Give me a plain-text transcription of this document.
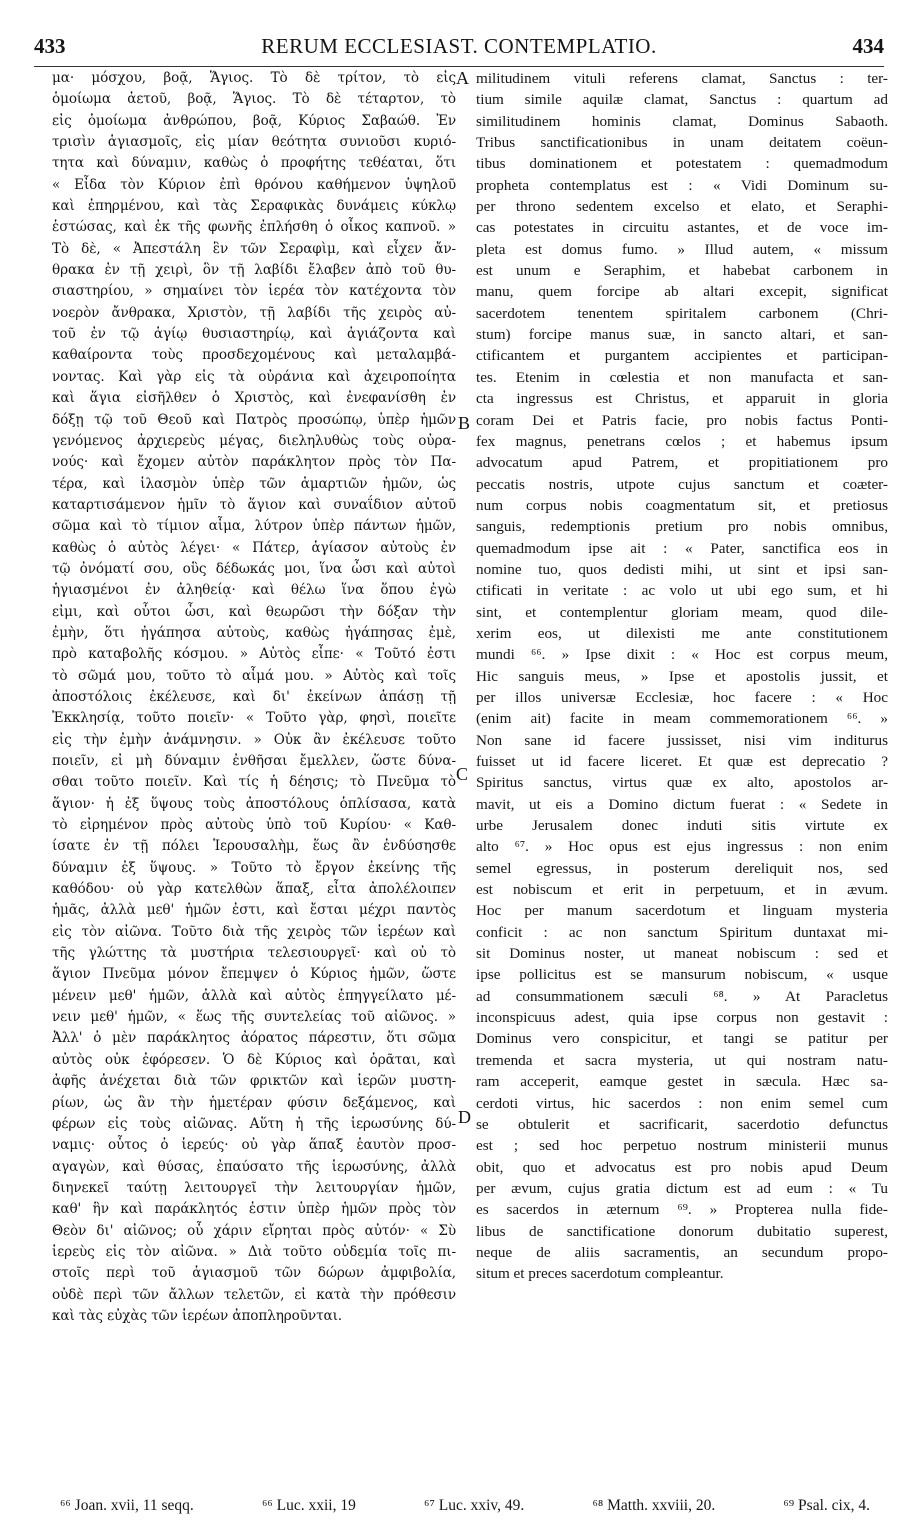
433	RERUM ECCLESIAST. CONTEMPLATIO.	434
μα· μόσχου, βοᾷ, Ἅγιος. Τὸ δὲ τρίτον, τὸ εἰς
ὁμοίωμα ἀετοῦ, βοᾷ, Ἅγιος. Τὸ δὲ τέταρτον, τὸ
εἰς ὁμοίωμα ἀνθρώπου, βοᾷ, Κύριος Σαβαώθ. Ἐν
τρισὶν ἁγιασμοῖς, εἰς μίαν θεότητα συνιοῦσι κυριό-
τητα καὶ δύναμιν, καθὼς ὁ προφήτης τεθέαται, ὅτι
« Εἶδα τὸν Κύριον ἐπὶ θρόνου καθήμενον ὑψηλοῦ
καὶ ἐπηρμένου, καὶ τὰς Σεραφικὰς δυνάμεις κύκλῳ
ἑστώσας, καὶ ἐκ τῆς φωνῆς ἐπλήσθη ὁ οἶκος καπνοῦ. »
Τὸ δὲ, « Ἀπεστάλη ἓν τῶν Σεραφὶμ, καὶ εἶχεν ἄν-
θρακα ἐν τῇ χειρὶ, ὃν τῇ λαβίδι ἔλαβεν ἀπὸ τοῦ θυ-
σιαστηρίου, » σημαίνει τὸν ἱερέα τὸν κατέχοντα τὸν
νοερὸν ἄνθρακα, Χριστὸν, τῇ λαβίδι τῆς χειρὸς αὐ-
τοῦ ἐν τῷ ἁγίῳ θυσιαστηρίῳ, καὶ ἁγιάζοντα καὶ
καθαίροντα τοὺς προσδεχομένους καὶ μεταλαμβά-
νοντας. Καὶ γὰρ εἰς τὰ οὐράνια καὶ ἀχειροποίητα
καὶ ἅγια εἰσῆλθεν ὁ Χριστὸς, καὶ ἐνεφανίσθη ἐν
δόξῃ τῷ τοῦ Θεοῦ καὶ Πατρὸς προσώπῳ, ὑπὲρ ἡμῶν
γενόμενος ἀρχιερεὺς μέγας, διεληλυθὼς τοὺς οὐρα-
νούς· καὶ ἔχομεν αὐτὸν παράκλητον πρὸς τὸν Πα-
τέρα, καὶ ἱλασμὸν ὑπὲρ τῶν ἁμαρτιῶν ἡμῶν, ὡς
καταρτισάμενον ἡμῖν τὸ ἅγιον καὶ συναΐδιον αὐτοῦ
σῶμα καὶ τὸ τίμιον αἷμα, λύτρον ὑπὲρ πάντων ἡμῶν,
καθὼς ὁ αὐτὸς λέγει· « Πάτερ, ἁγίασον αὐτοὺς ἐν
τῷ ὀνόματί σου, οὓς δέδωκάς μοι, ἵνα ὦσι καὶ αὐτοὶ
ἡγιασμένοι ἐν ἀληθείᾳ· καὶ θέλω ἵνα ὅπου ἐγὼ
εἰμι, καὶ οὗτοι ὦσι, καὶ θεωρῶσι τὴν δόξαν τὴν
ἐμὴν, ὅτι ἠγάπησα αὐτοὺς, καθὼς ἠγάπησας ἐμὲ,
πρὸ καταβολῆς κόσμου. » Αὐτὸς εἶπε· « Τοῦτό ἐστι
τὸ σῶμά μου, τοῦτο τὸ αἷμά μου. » Αὐτὸς καὶ τοῖς
ἀποστόλοις ἐκέλευσε, καὶ δι' ἐκείνων ἁπάσῃ τῇ
Ἐκκλησίᾳ, τοῦτο ποιεῖν· « Τοῦτο γὰρ, φησὶ, ποιεῖτε
εἰς τὴν ἐμὴν ἀνάμνησιν. » Οὐκ ἂν ἐκέλευσε τοῦτο
ποιεῖν, εἰ μὴ δύναμιν ἐνθῆσαι ἔμελλεν, ὥστε δύνα-
σθαι τοῦτο ποιεῖν. Καὶ τίς ἡ δέησις; τὸ Πνεῦμα τὸ
ἅγιον· ἡ ἐξ ὕψους τοὺς ἀποστόλους ὁπλίσασα, κατὰ
τὸ εἰρημένον πρὸς αὐτοὺς ὑπὸ τοῦ Κυρίου· « Καθ-
ίσατε ἐν τῇ πόλει Ἱερουσαλὴμ, ἕως ἂν ἐνδύσησθε
δύναμιν ἐξ ὕψους. » Τοῦτο τὸ ἔργον ἐκείνης τῆς
καθόδου· οὐ γὰρ κατελθὼν ἅπαξ, εἶτα ἀπολέλοιπεν
ἡμᾶς, ἀλλὰ μεθ' ἡμῶν ἐστι, καὶ ἔσται μέχρι παντὸς
εἰς τὸν αἰῶνα. Τοῦτο διὰ τῆς χειρὸς τῶν ἱερέων καὶ
τῆς γλώττης τὰ μυστήρια τελεσιουργεῖ· καὶ οὐ τὸ
ἅγιον Πνεῦμα μόνον ἔπεμψεν ὁ Κύριος ἡμῶν, ὥστε
μένειν μεθ' ἡμῶν, ἀλλὰ καὶ αὐτὸς ἐπηγγείλατο μέ-
νειν μεθ' ἡμῶν, « ἕως τῆς συντελείας τοῦ αἰῶνος. »
Ἀλλ' ὁ μὲν παράκλητος ἀόρατος πάρεστιν, ὅτι σῶμα
αὐτὸς οὐκ ἐφόρεσεν. Ὁ δὲ Κύριος καὶ ὁρᾶται, καὶ
ἀφῆς ἀνέχεται διὰ τῶν φρικτῶν καὶ ἱερῶν μυστη-
ρίων, ὡς ἂν τὴν ἡμετέραν φύσιν δεξάμενος, καὶ
φέρων εἰς τοὺς αἰῶνας. Αὕτη ἡ τῆς ἱερωσύνης δύ-
ναμις· οὗτος ὁ ἱερεύς· οὐ γὰρ ἅπαξ ἑαυτὸν προσ-
αγαγὼν, καὶ θύσας, ἐπαύσατο τῆς ἱερωσύνης, ἀλλὰ
διηνεκεῖ ταύτῃ λειτουργεῖ τὴν λειτουργίαν ἡμῶν,
καθ' ἣν καὶ παράκλητός ἐστιν ὑπὲρ ἡμῶν πρὸς τὸν
Θεὸν δι' αἰῶνος; οὗ χάριν εἴρηται πρὸς αὐτόν· « Σὺ
ἱερεὺς εἰς τὸν αἰῶνα. » Διὰ τοῦτο οὐδεμία τοῖς πι-
στοῖς περὶ τοῦ ἁγιασμοῦ τῶν δώρων ἀμφιβολία,
οὐδὲ περὶ τῶν ἄλλων τελετῶν, εἰ κατὰ τὴν πρόθεσιν
καὶ τὰς εὐχὰς τῶν ἱερέων ἀποπληροῦνται.
militudinem vituli referens clamat, Sanctus : ter-
tium simile aquilæ clamat, Sanctus : quartum ad
similitudinem hominis clamat, Dominus Sabaoth.
Tribus sanctificationibus in unam deitatem coëun-
tibus dominationem et potestatem : quemadmodum
propheta contemplatus est : « Vidi Dominum su-
per throno sedentem excelso et elato, et Seraphi-
cas potestates in circuitu astantes, et de voce im-
pleta est domus fumo. » Illud autem, « missum
est unum e Seraphim, et habebat carbonem in
manu, quem forcipe ab altari excepit, significat
sacerdotem tenentem spiritalem carbonem (Chri-
stum) forcipe manus suæ, in sancto altari, et san-
ctificantem et purgantem accipientes et participan-
tes. Etenim in cœlestia et non manufacta et san-
cta ingressus est Christus, et apparuit in gloria
coram Dei et Patris facie, pro nobis factus Ponti-
fex magnus, penetrans cœlos ; et habemus ipsum
advocatum apud Patrem, et propitiationem pro
peccatis nostris, utpote cujus sanctum et coæter-
num corpus nobis coagmentatum sit, et pretiosus
sanguis, redemptionis pretium pro nobis omnibus,
quemadmodum ipse ait : « Pater, sanctifica eos in
nomine tuo, quos dedisti mihi, ut sint et ipsi san-
ctificati in veritate : ac volo ut ubi ego sum, et hi
sint, et contemplentur gloriam meam, quod dile-
xerim eos, ut dilexisti me ante constitutionem
mundi ⁶⁶. » Ipse dixit : « Hoc est corpus meum,
Hic sanguis meus, » Ipse et apostolis jussit, et
per illos universæ Ecclesiæ, hoc facere : « Hoc
(enim ait) facite in meam commemorationem ⁶⁶. »
Non sane id facere jussisset, nisi vim inditurus
fuisset ut id facere liceret. Et quæ est deprecatio ?
Spiritus sanctus, virtus quæ ex alto, apostolos ar-
mavit, ut eis a Domino dictum fuerat : « Sedete in
urbe Jerusalem donec induti sitis virtute ex
alto ⁶⁷. » Hoc opus est ejus ingressus : non enim
semel egressus, in posterum dereliquit nos, sed
est nobiscum et erit in perpetuum, et in ævum.
Hoc per manum sacerdotum et linguam mysteria
conficit : ac non sanctum Spiritum duntaxat mi-
sit Dominus noster, ut maneat nobiscum : sed et
ipse pollicitus est se mansurum nobiscum, « usque
ad consummationem sæculi ⁶⁸. » At Paracletus
inconspicuus adest, quia ipse corpus non gestavit :
Dominus vero conspicitur, et tangi se patitur per
tremenda et sacra mysteria, ut qui nostram natu-
ram acceperit, eamque gestet in sæcula. Hæc sa-
cerdoti virtus, hic sacerdos : non enim semel cum
se obtulerit et sacrificarit, sacerdotio defunctus
est ; sed hoc perpetuo nostrum ministerii munus
obit, quo et advocatus est pro nobis apud Deum
per ævum, cujus gratia dictum est ad eum : « Tu
es sacerdos in æternum ⁶⁹. » Propterea nulla fide-
libus de sanctificatione donorum dubitatio superest,
neque de aliis sacramentis, an secundum propo-
situm et preces sacerdotum compleantur.
A
B
C
D
⁶⁶ Joan. xvii, 11 seqq.	⁶⁶ Luc. xxii, 19	⁶⁷ Luc. xxiv, 49.	⁶⁸ Matth. xxviii, 20.	⁶⁹ Psal. cix, 4.
